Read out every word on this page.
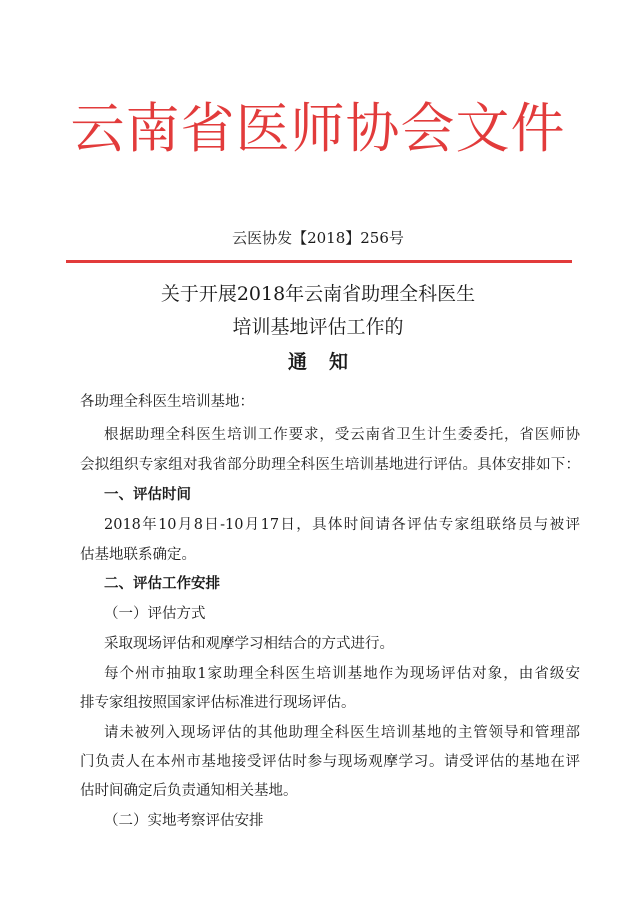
云南省医师协会文件
云医协发【2018】256号
关于开展2018年云南省助理全科医生
培训基地评估工作的
通知
各助理全科医生培训基地：
根据助理全科医生培训工作要求，受云南省卫生计生委委托，省医师协
会拟组织专家组对我省部分助理全科医生培训基地进行评估。具体安排如下：
一、评估时间
2018年10月8日-10月17日，具体时间请各评估专家组联络员与被评
估基地联系确定。
二、评估工作安排
（一）评估方式
采取现场评估和观摩学习相结合的方式进行。
每个州市抽取1家助理全科医生培训基地作为现场评估对象，由省级安
排专家组按照国家评估标准进行现场评估。
请未被列入现场评估的其他助理全科医生培训基地的主管领导和管理部
门负责人在本州市基地接受评估时参与现场观摩学习。请受评估的基地在评
估时间确定后负责通知相关基地。
（二）实地考察评估安排
